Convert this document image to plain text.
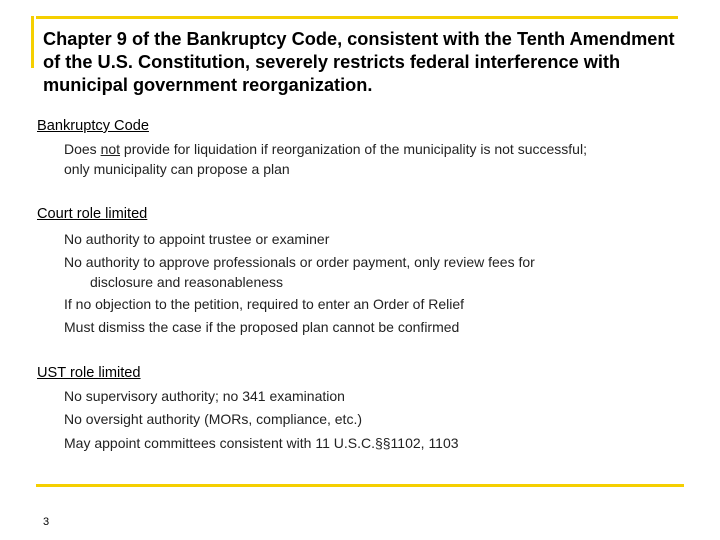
Chapter 9 of the Bankruptcy Code, consistent with the Tenth Amendment of the U.S. Constitution, severely restricts federal interference with municipal government reorganization.
Bankruptcy Code
Does not provide for liquidation if reorganization of the municipality is not successful;
only municipality can propose a plan
Court role limited
No authority to appoint trustee or examiner
No authority to approve professionals or order payment, only review fees for
disclosure and reasonableness
If no objection to the petition, required to enter an Order of Relief
Must dismiss the case if the proposed plan cannot be confirmed
UST role limited
No supervisory authority; no 341 examination
No oversight authority (MORs, compliance, etc.)
May appoint committees consistent with 11 U.S.C.§§1102, 1103
3
